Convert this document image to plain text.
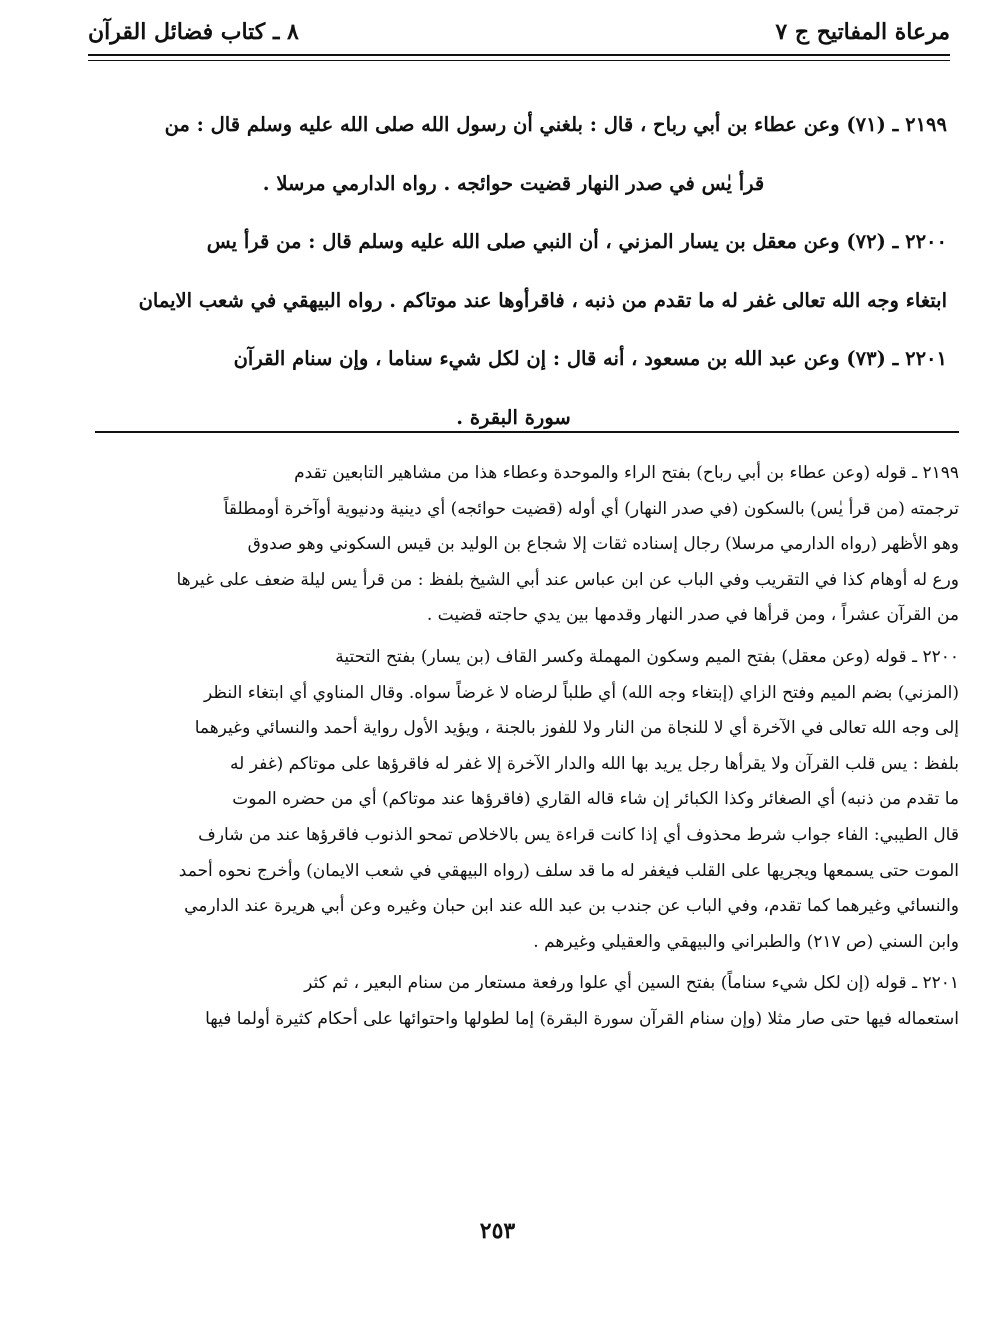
مرعاة المفاتيح ج ٧
٨ ـ كتاب فضائل القرآن

٢١٩٩ ـ (٧١) وعن عطاء بن أبي رباح ، قال : بلغني أن رسول الله صلى الله عليه وسلم قال : من

قرأ يٰس في صدر النهار قضيت حوائجه . رواه الدارمي مرسلا .

٢٢٠٠ ـ (٧٢) وعن معقل بن يسار المزني ، أن النبي صلى الله عليه وسلم قال : من قرأ يس

ابتغاء وجه الله تعالى غفر له ما تقدم من ذنبه ، فاقرأوها عند موتاكم . رواه البيهقي في شعب الايمان

٢٢٠١ ـ (٧٣) وعن عبد الله بن مسعود ، أنه قال : إن لكل شيء سناما ، وإن سنام القرآن

سورة البقرة .

٢١٩٩ ـ قوله (وعن عطاء بن أبي رباح) بفتح الراء والموحدة وعطاء هذا من مشاهير التابعين تقدم

ترجمته (من قرأ يٰس) بالسكون (في صدر النهار) أي أوله (قضيت حوائجه) أي دينية ودنيوية أوآخرة أومطلقاً

وهو الأظهر (رواه الدارمي مرسلا) رجال إسناده ثقات إلا شجاع بن الوليد بن قيس السكوني وهو صدوق

ورع له أوهام كذا في التقريب وفي الباب عن ابن عباس عند أبي الشيخ بلفظ : من قرأ يس ليلة ضعف على غيرها

من القرآن عشراً ، ومن قرأها في صدر النهار وقدمها بين يدي حاجته قضيت .

٢٢٠٠ ـ قوله (وعن معقل) بفتح الميم وسكون المهملة وكسر القاف (بن يسار) بفتح التحتية

(المزني) بضم الميم وفتح الزاي (إبتغاء وجه الله) أي طلباً لرضاه لا غرضاً سواه. وقال المناوي أي ابتغاء النظر

إلى وجه الله تعالى في الآخرة أي لا للنجاة من النار ولا للفوز بالجنة ، ويؤيد الأول رواية أحمد والنسائي وغيرهما

بلفظ : يس قلب القرآن ولا يقرأها رجل يريد بها الله والدار الآخرة إلا غفر له فاقرؤها على موتاكم (غفر له

ما تقدم من ذنبه) أي الصغائر وكذا الكبائر إن شاء قاله القاري (فاقرؤها عند موتاكم) أي من حضره الموت

قال الطيبي: الفاء جواب شرط محذوف أي إذا كانت قراءة يس بالاخلاص تمحو الذنوب فاقرؤها عند من شارف

الموت حتى يسمعها ويجريها على القلب فيغفر له ما قد سلف (رواه البيهقي في شعب الايمان) وأخرج نحوه أحمد

والنسائي وغيرهما كما تقدم، وفي الباب عن جندب بن عبد الله عند ابن حبان وغيره وعن أبي هريرة عند الدارمي

وابن السني (ص ٢١٧) والطبراني والبيهقي والعقيلي وغيرهم .

٢٢٠١ ـ قوله (إن لكل شيء سناماً) بفتح السين أي علوا ورفعة مستعار من سنام البعير ، ثم كثر

استعماله فيها حتى صار مثلا (وإن سنام القرآن سورة البقرة) إما لطولها واحتوائها على أحكام كثيرة أولما فيها

٢٥٣
